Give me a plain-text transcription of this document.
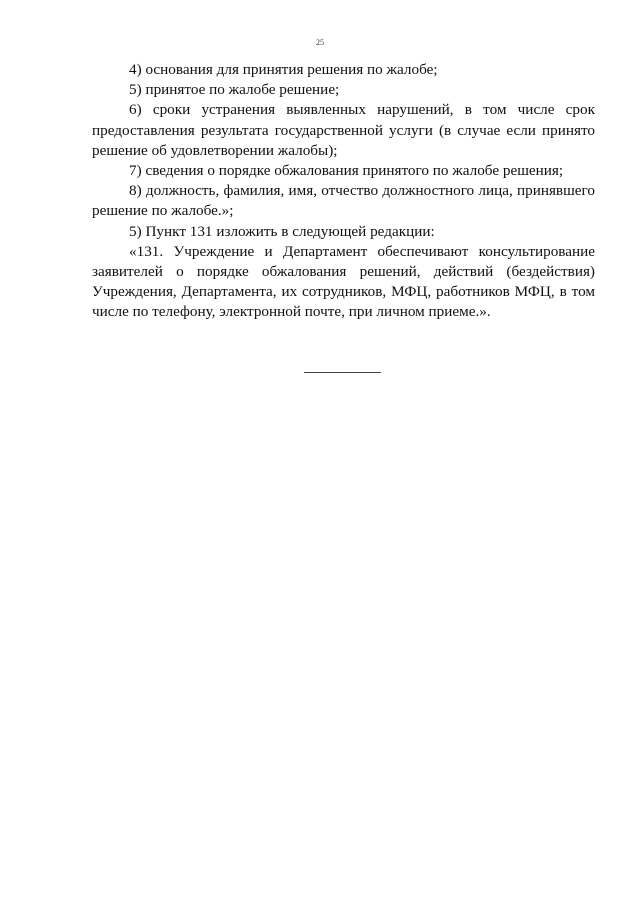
25

4) основания для принятия решения по жалобе;

5) принятое по жалобе решение;

6) сроки устранения выявленных нарушений, в том числе срок предоставления результата государственной услуги (в случае если принято решение об удовлетворении жалобы);

7) сведения о порядке обжалования принятого по жалобе решения;

8) должность, фамилия, имя, отчество должностного лица, принявшего решение по жалобе.»;

5) Пункт 131 изложить в следующей редакции:

«131. Учреждение и Департамент обеспечивают консультирование заявителей о порядке обжалования решений, действий (бездействия) Учреждения, Департамента, их сотрудников, МФЦ, работников МФЦ, в том числе по телефону, электронной почте, при личном приеме.».
